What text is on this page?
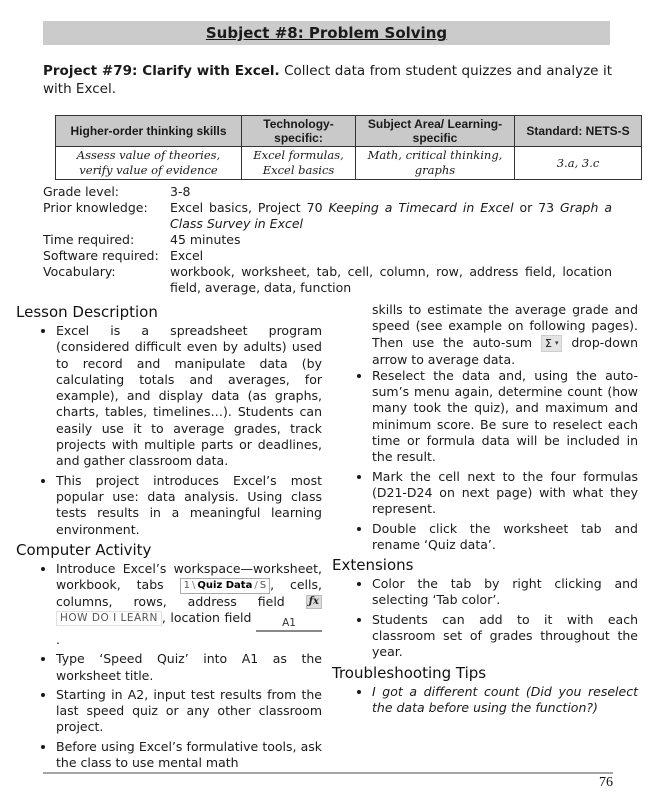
Subject #8: Problem Solving

Project #79: Clarify with Excel. Collect data from student quizzes and analyze it with Excel.

Higher-order thinking skills	Technology-specific:	Subject Area/ Learning-specific	Standard: NETS-S
Assess value of theories, verify value of evidence	Excel formulas, Excel basics	Math, critical thinking, graphs	3.a, 3.c
Grade level:	3-8
Prior knowledge:	Excel basics, Project 70 Keeping a Timecard in Excel or 73 Graph a Class Survey in Excel
Time required:	45 minutes
Software required: Excel
Vocabulary:	workbook, worksheet, tab, cell, column, row, address field, location field, average, data, function
Lesson Description
• Excel is a spreadsheet program (considered difficult even by adults) used to record and manipulate data (by calculating totals and averages, for example), and display data (as graphs, charts, tables, timelines…). Students can easily use it to average grades, track projects with multiple parts or deadlines, and gather classroom data.
• This project introduces Excel’s most popular use: data analysis. Using class tests results in a meaningful learning environment.
Computer Activity
• Introduce Excel’s workspace—worksheet, workbook, tabs 1 \ Quiz Data / S , cells, columns, rows, address field ƒx HOW DO I LEARN , location field A1.
• Type ‘Speed Quiz’ into A1 as the worksheet title.
• Starting in A2, input test results from the last speed quiz or any other classroom project.
• Before using Excel’s formulative tools, ask the class to use mental math
skills to estimate the average grade and speed (see example on following pages). Then use the auto-sum Σ ▾ drop-down arrow to average data.
• Reselect the data and, using the auto-sum’s menu again, determine count (how many took the quiz), and maximum and minimum score. Be sure to reselect each time or formula data will be included in the result.
• Mark the cell next to the four formulas (D21-D24 on next page) with what they represent.
• Double click the worksheet tab and rename ‘Quiz data’.
Extensions
• Color the tab by right clicking and selecting ‘Tab color’.
• Students can add to it with each classroom set of grades throughout the year.
Troubleshooting Tips
• I got a different count (Did you reselect the data before using the function?)
76
